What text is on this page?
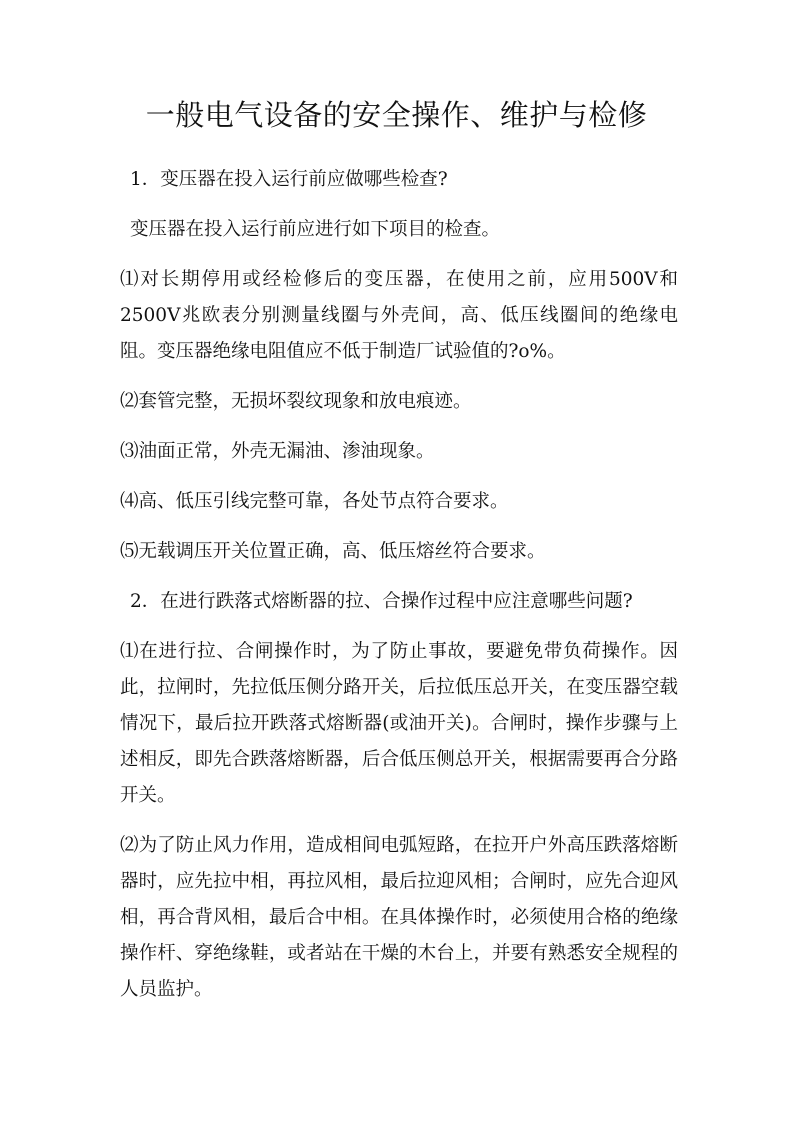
一般电气设备的安全操作、维护与检修

1．变压器在投入运行前应做哪些检查?

变压器在投入运行前应进行如下项目的检查。

⑴对长期停用或经检修后的变压器，在使用之前，应用500V和2500V兆欧表分别测量线圈与外壳间，高、低压线圈间的绝缘电阻。变压器绝缘电阻值应不低于制造厂试验值的?o%。

⑵套管完整，无损坏裂纹现象和放电痕迹。

⑶油面正常，外壳无漏油、渗油现象。

⑷高、低压引线完整可靠，各处节点符合要求。

⑸无载调压开关位置正确，高、低压熔丝符合要求。

2．在进行跌落式熔断器的拉、合操作过程中应注意哪些问题?

⑴在进行拉、合闸操作时，为了防止事故，要避免带负荷操作。因此，拉闸时，先拉低压侧分路开关，后拉低压总开关，在变压器空载情况下，最后拉开跌落式熔断器(或油开关)。合闸时，操作步骤与上述相反，即先合跌落熔断器，后合低压侧总开关，根据需要再合分路开关。

⑵为了防止风力作用，造成相间电弧短路，在拉开户外高压跌落熔断器时，应先拉中相，再拉风相，最后拉迎风相；合闸时，应先合迎风相，再合背风相，最后合中相。在具体操作时，必须使用合格的绝缘操作杆、穿绝缘鞋，或者站在干燥的木台上，并要有熟悉安全规程的人员监护。
